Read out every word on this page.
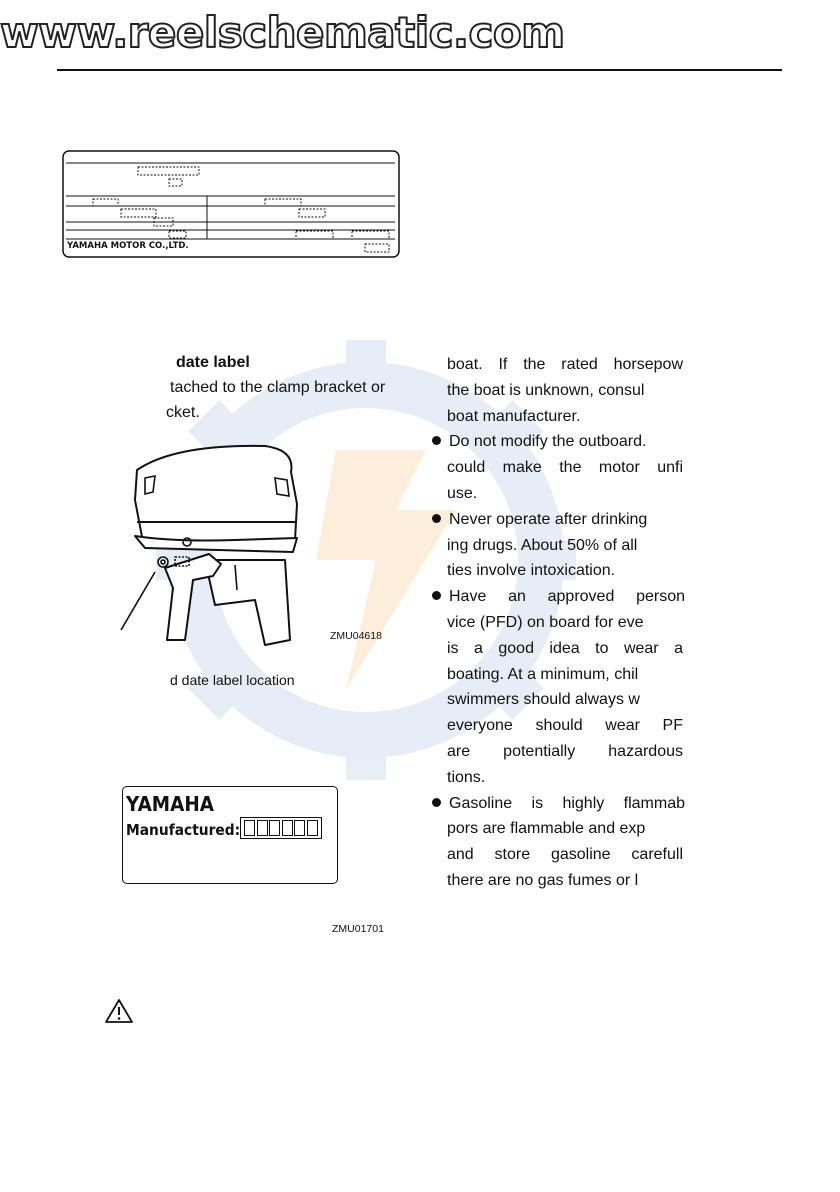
www.reelschematic.com
YAMAHA MOTOR CO.,LTD.
date label
tached to the clamp bracket or
cket.
ZMU04618
d date label location
boat. If the rated horsepow
the boat is unknown, consul
boat manufacturer.
Do not modify the outboard.
could make the motor unfi
use.
Never operate after drinking
ing drugs. About 50% of all
ties involve intoxication.
Have an approved person
vice (PFD) on board for eve
is a good idea to wear a
boating. At a minimum, chil
swimmers should always w
everyone should wear PF
are potentially hazardous
tions.
Gasoline is highly flammab
pors are flammable and exp
and store gasoline carefull
there are no gas fumes or l
YAMAHA
Manufactured:
ZMU01701
